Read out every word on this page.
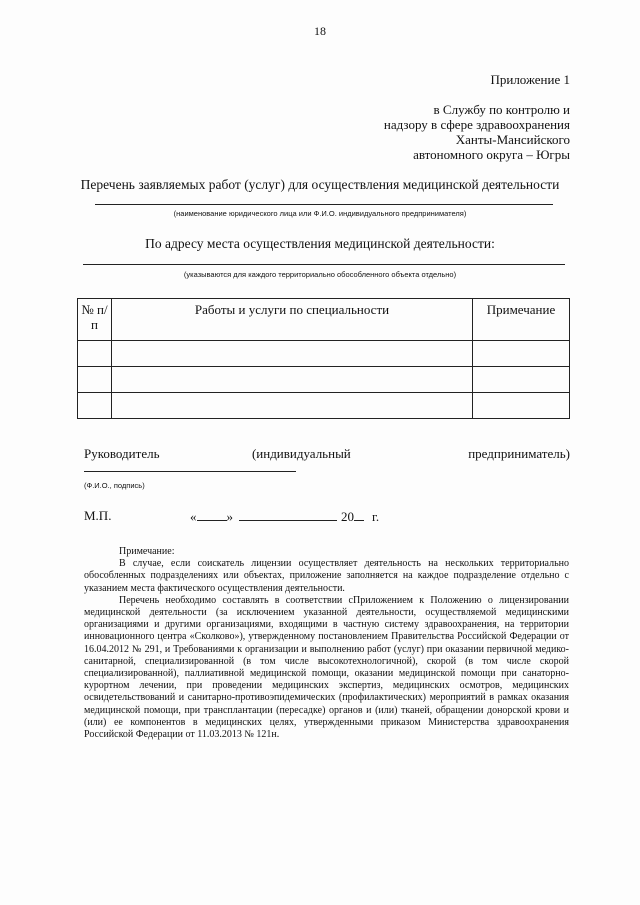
18
Приложение 1
в Службу по контролю и
надзору в сфере здравоохранения
Ханты-Мансийского
автономного округа – Югры
Перечень заявляемых работ (услуг) для осуществления медицинской деятельности
(наименование юридического лица или Ф.И.О. индивидуального предпринимателя)
По адресу места осуществления медицинской деятельности:
(указываются для каждого территориально обособленного объекта отдельно)
№ п/п	Работы и услуги по специальности	Примечание

Руководитель	(индивидуальный	предприниматель)
(Ф.И.О., подпись)
М.П.	« »	20 г.

Примечание:

В случае, если соискатель лицензии осуществляет деятельность на нескольких территориально обособленных подразделениях или объектах, приложение заполняется на каждое подразделение отдельно с указанием места фактического осуществления деятельности.

Перечень необходимо составлять в соответствии сПриложением к Положению о лицензировании медицинской деятельности (за исключением указанной деятельности, осуществляемой медицинскими организациями и другими организациями, входящими в частную систему здравоохранения, на территории инновационного центра «Сколково»), утвержденному постановлением Правительства Российской Федерации от 16.04.2012 № 291, и Требованиями к организации и выполнению работ (услуг) при оказании первичной медико-санитарной, специализированной (в том числе высокотехнологичной), скорой (в том числе скорой специализированной), паллиативной медицинской помощи, оказании медицинской помощи при санаторно-курортном лечении, при проведении медицинских экспертиз, медицинских осмотров, медицинских освидетельствований и санитарно-противоэпидемических (профилактических) мероприятий в рамках оказания медицинской помощи, при трансплантации (пересадке) органов и (или) тканей, обращении донорской крови и (или) ее компонентов в медицинских целях, утвержденными приказом Министерства здравоохранения Российской Федерации от 11.03.2013 № 121н.
